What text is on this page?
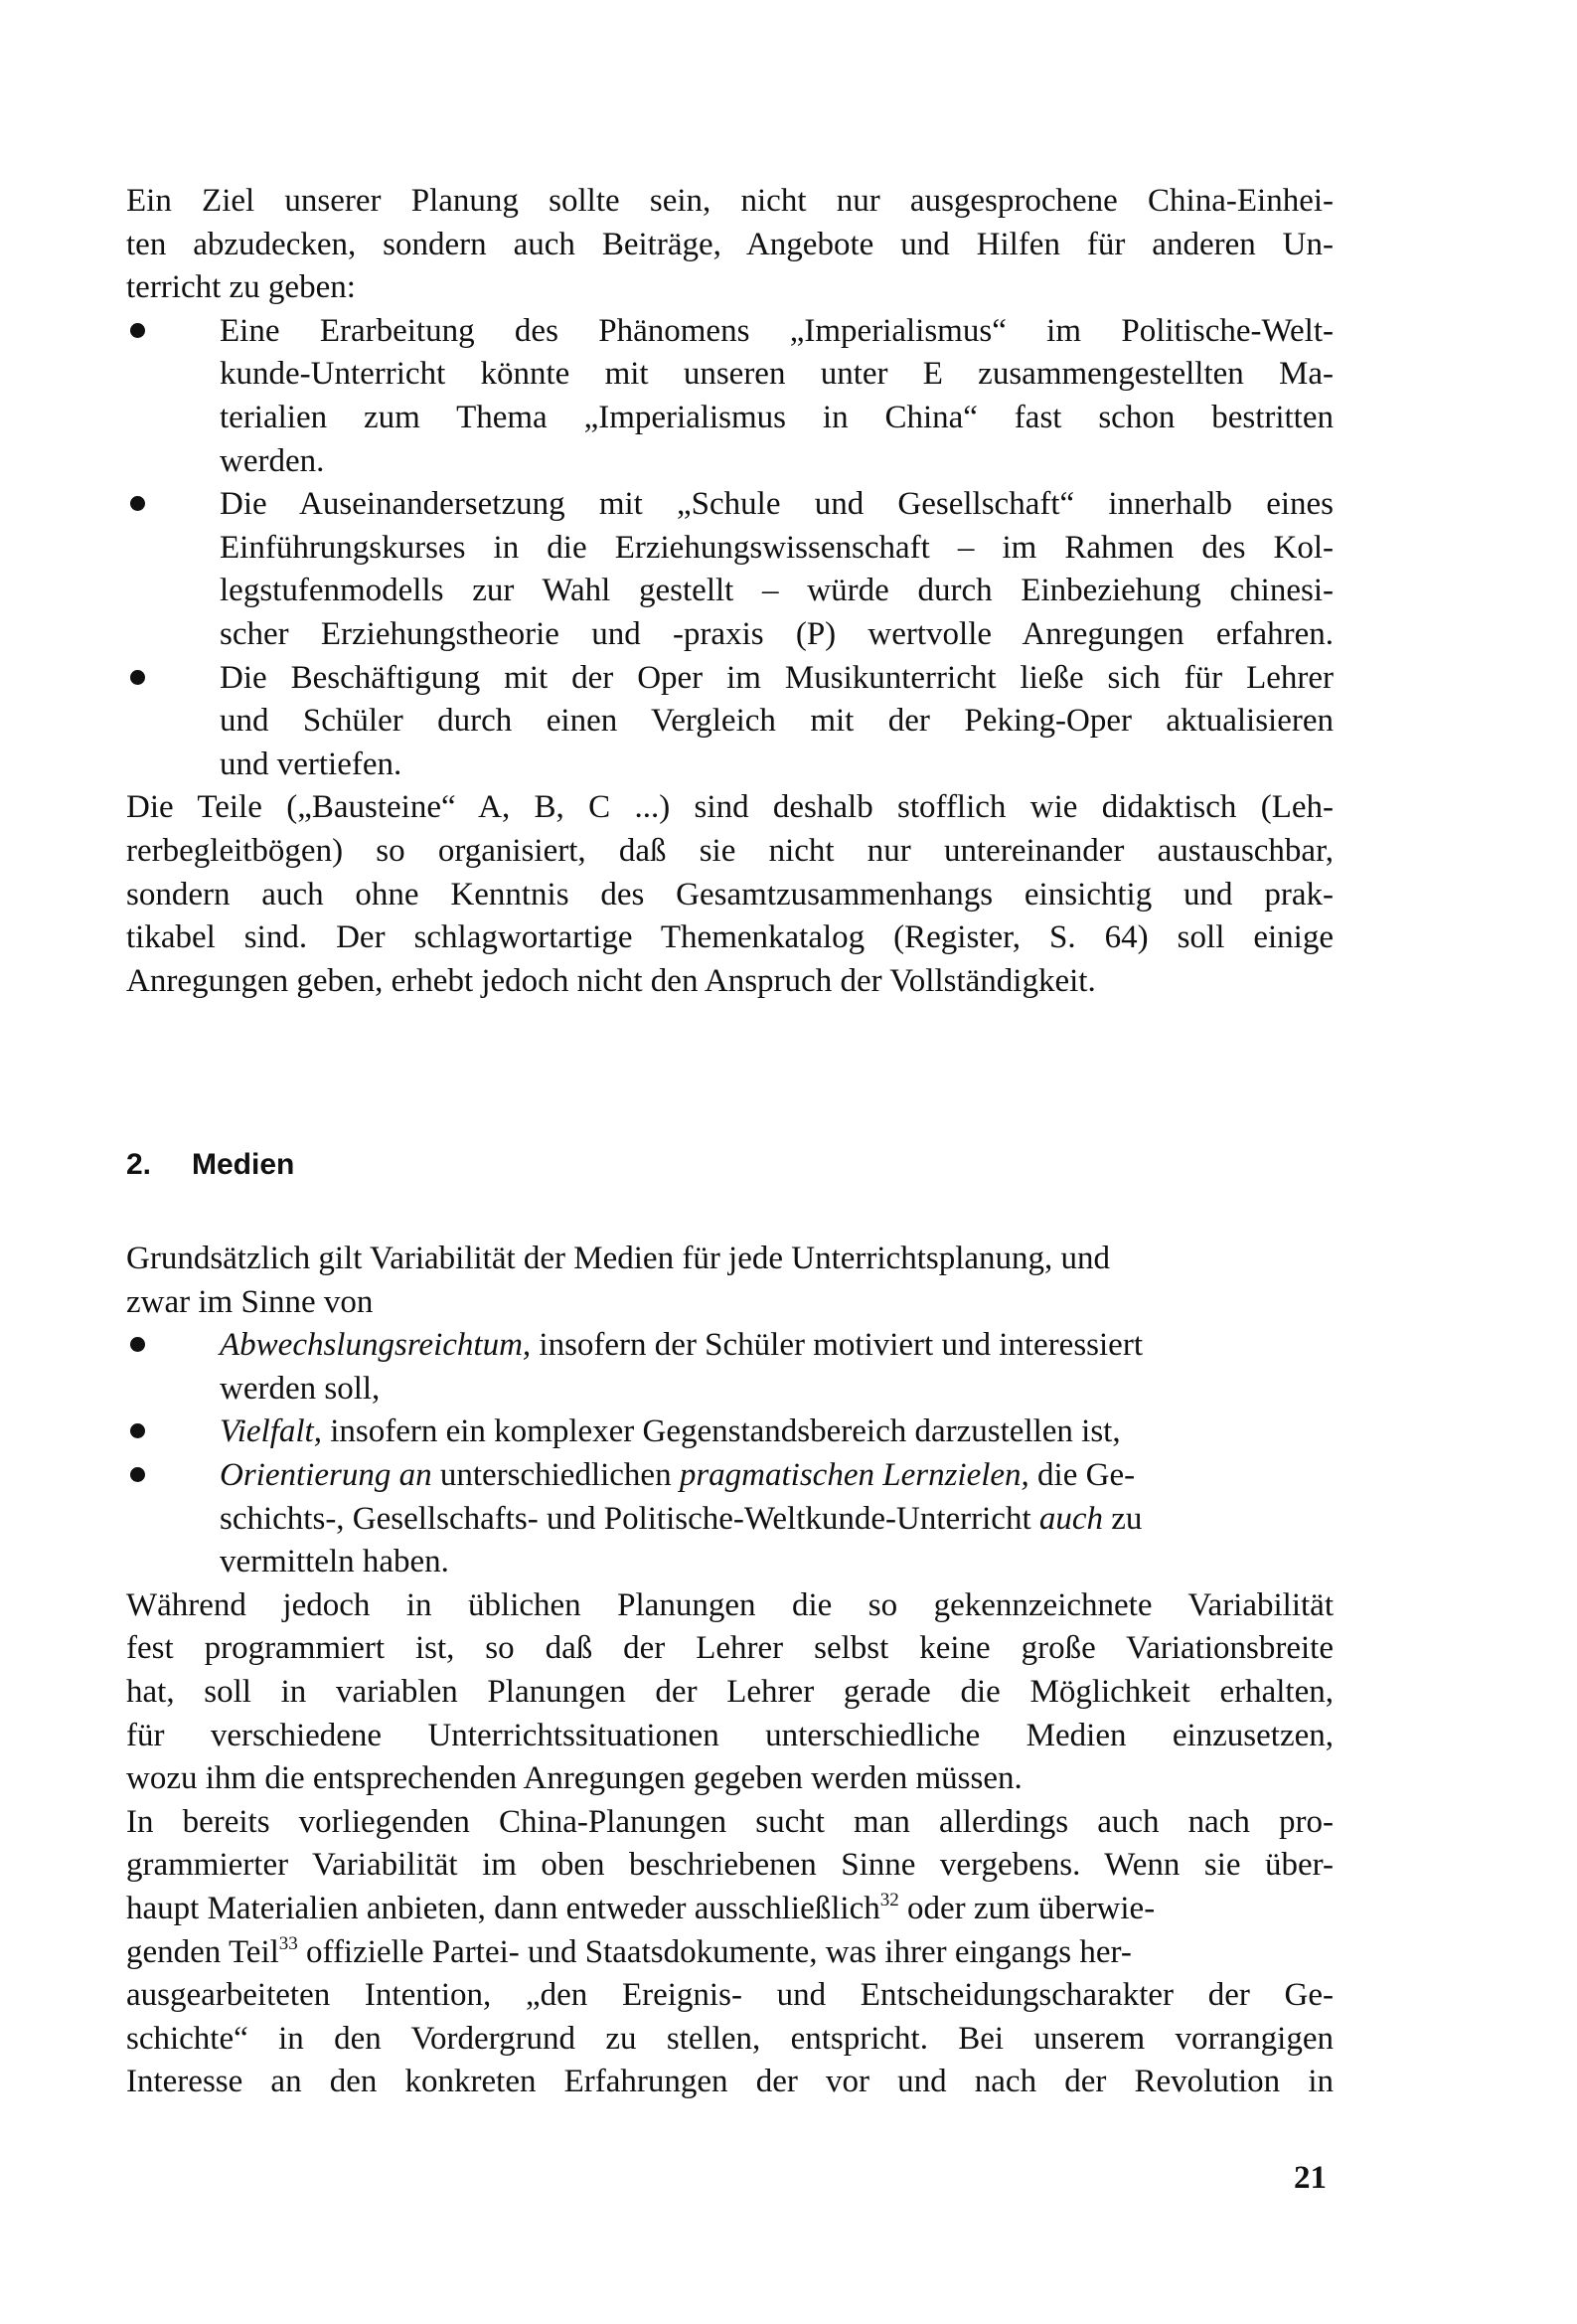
Ein Ziel unserer Planung sollte sein, nicht nur ausgesprochene China-Einhei-
ten abzudecken, sondern auch Beiträge, Angebote und Hilfen für anderen Un-
terricht zu geben:
Eine Erarbeitung des Phänomens „Imperialismus“ im Politische-Welt-
kunde-Unterricht könnte mit unseren unter E zusammengestellten Ma-
terialien zum Thema „Imperialismus in China“ fast schon bestritten
werden.
Die Auseinandersetzung mit „Schule und Gesellschaft“ innerhalb eines
Einführungskurses in die Erziehungswissenschaft – im Rahmen des Kol-
legstufenmodells zur Wahl gestellt – würde durch Einbeziehung chinesi-
scher Erziehungstheorie und -praxis (P) wertvolle Anregungen erfahren.
Die Beschäftigung mit der Oper im Musikunterricht ließe sich für Lehrer
und Schüler durch einen Vergleich mit der Peking-Oper aktualisieren
und vertiefen.
Die Teile („Bausteine“ A, B, C ...) sind deshalb stofflich wie didaktisch (Leh-
rerbegleitbögen) so organisiert, daß sie nicht nur untereinander austauschbar,
sondern auch ohne Kenntnis des Gesamtzusammenhangs einsichtig und prak-
tikabel sind. Der schlagwortartige Themenkatalog (Register, S. 64) soll einige
Anregungen geben, erhebt jedoch nicht den Anspruch der Vollständigkeit.
2. Medien
Grundsätzlich gilt Variabilität der Medien für jede Unterrichtsplanung, und
zwar im Sinne von
Abwechslungsreichtum, insofern der Schüler motiviert und interessiert
werden soll,
Vielfalt, insofern ein komplexer Gegenstandsbereich darzustellen ist,
Orientierung an unterschiedlichen pragmatischen Lernzielen, die Ge-
schichts-, Gesellschafts- und Politische-Weltkunde-Unterricht auch zu
vermitteln haben.
Während jedoch in üblichen Planungen die so gekennzeichnete Variabilität
fest programmiert ist, so daß der Lehrer selbst keine große Variationsbreite
hat, soll in variablen Planungen der Lehrer gerade die Möglichkeit erhalten,
für verschiedene Unterrichtssituationen unterschiedliche Medien einzusetzen,
wozu ihm die entsprechenden Anregungen gegeben werden müssen.
In bereits vorliegenden China-Planungen sucht man allerdings auch nach pro-
grammierter Variabilität im oben beschriebenen Sinne vergebens. Wenn sie über-
haupt Materialien anbieten, dann entweder ausschließlich$^{32}$ oder zum überwie-
genden Teil$^{33}$ offizielle Partei- und Staatsdokumente, was ihrer eingangs her-
ausgearbeiteten Intention, „den Ereignis- und Entscheidungscharakter der Ge-
schichte“ in den Vordergrund zu stellen, entspricht. Bei unserem vorrangigen
Interesse an den konkreten Erfahrungen der vor und nach der Revolution in
21
